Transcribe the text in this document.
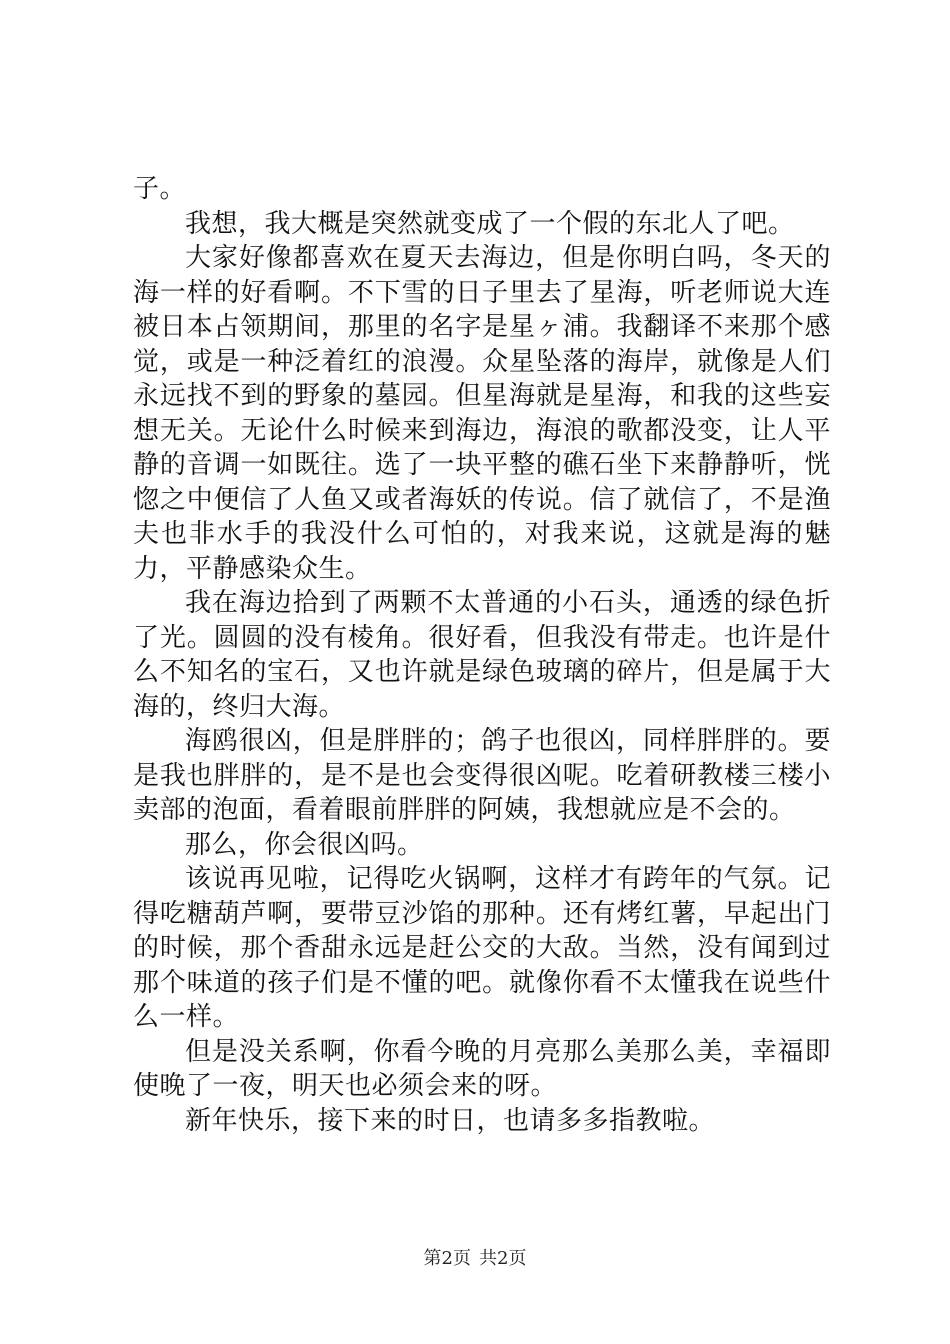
子。

我想，我大概是突然就变成了一个假的东北人了吧。

大家好像都喜欢在夏天去海边，但是你明白吗，冬天的海一样的好看啊。不下雪的日子里去了星海，听老师说大连被日本占领期间，那里的名字是星ヶ浦。我翻译不来那个感觉，或是一种泛着红的浪漫。众星坠落的海岸，就像是人们永远找不到的野象的墓园。但星海就是星海，和我的这些妄想无关。无论什么时候来到海边，海浪的歌都没变，让人平静的音调一如既往。选了一块平整的礁石坐下来静静听，恍惚之中便信了人鱼又或者海妖的传说。信了就信了，不是渔夫也非水手的我没什么可怕的，对我来说，这就是海的魅力，平静感染众生。

我在海边拾到了两颗不太普通的小石头，通透的绿色折了光。圆圆的没有棱角。很好看，但我没有带走。也许是什么不知名的宝石，又也许就是绿色玻璃的碎片，但是属于大海的，终归大海。

海鸥很凶，但是胖胖的；鸽子也很凶，同样胖胖的。要是我也胖胖的，是不是也会变得很凶呢。吃着研教楼三楼小卖部的泡面，看着眼前胖胖的阿姨，我想就应是不会的。

那么，你会很凶吗。

该说再见啦，记得吃火锅啊，这样才有跨年的气氛。记得吃糖葫芦啊，要带豆沙馅的那种。还有烤红薯，早起出门的时候，那个香甜永远是赶公交的大敌。当然，没有闻到过那个味道的孩子们是不懂的吧。就像你看不太懂我在说些什么一样。

但是没关系啊，你看今晚的月亮那么美那么美，幸福即使晚了一夜，明天也必须会来的呀。

新年快乐，接下来的时日，也请多多指教啦。

第2页 共2页
